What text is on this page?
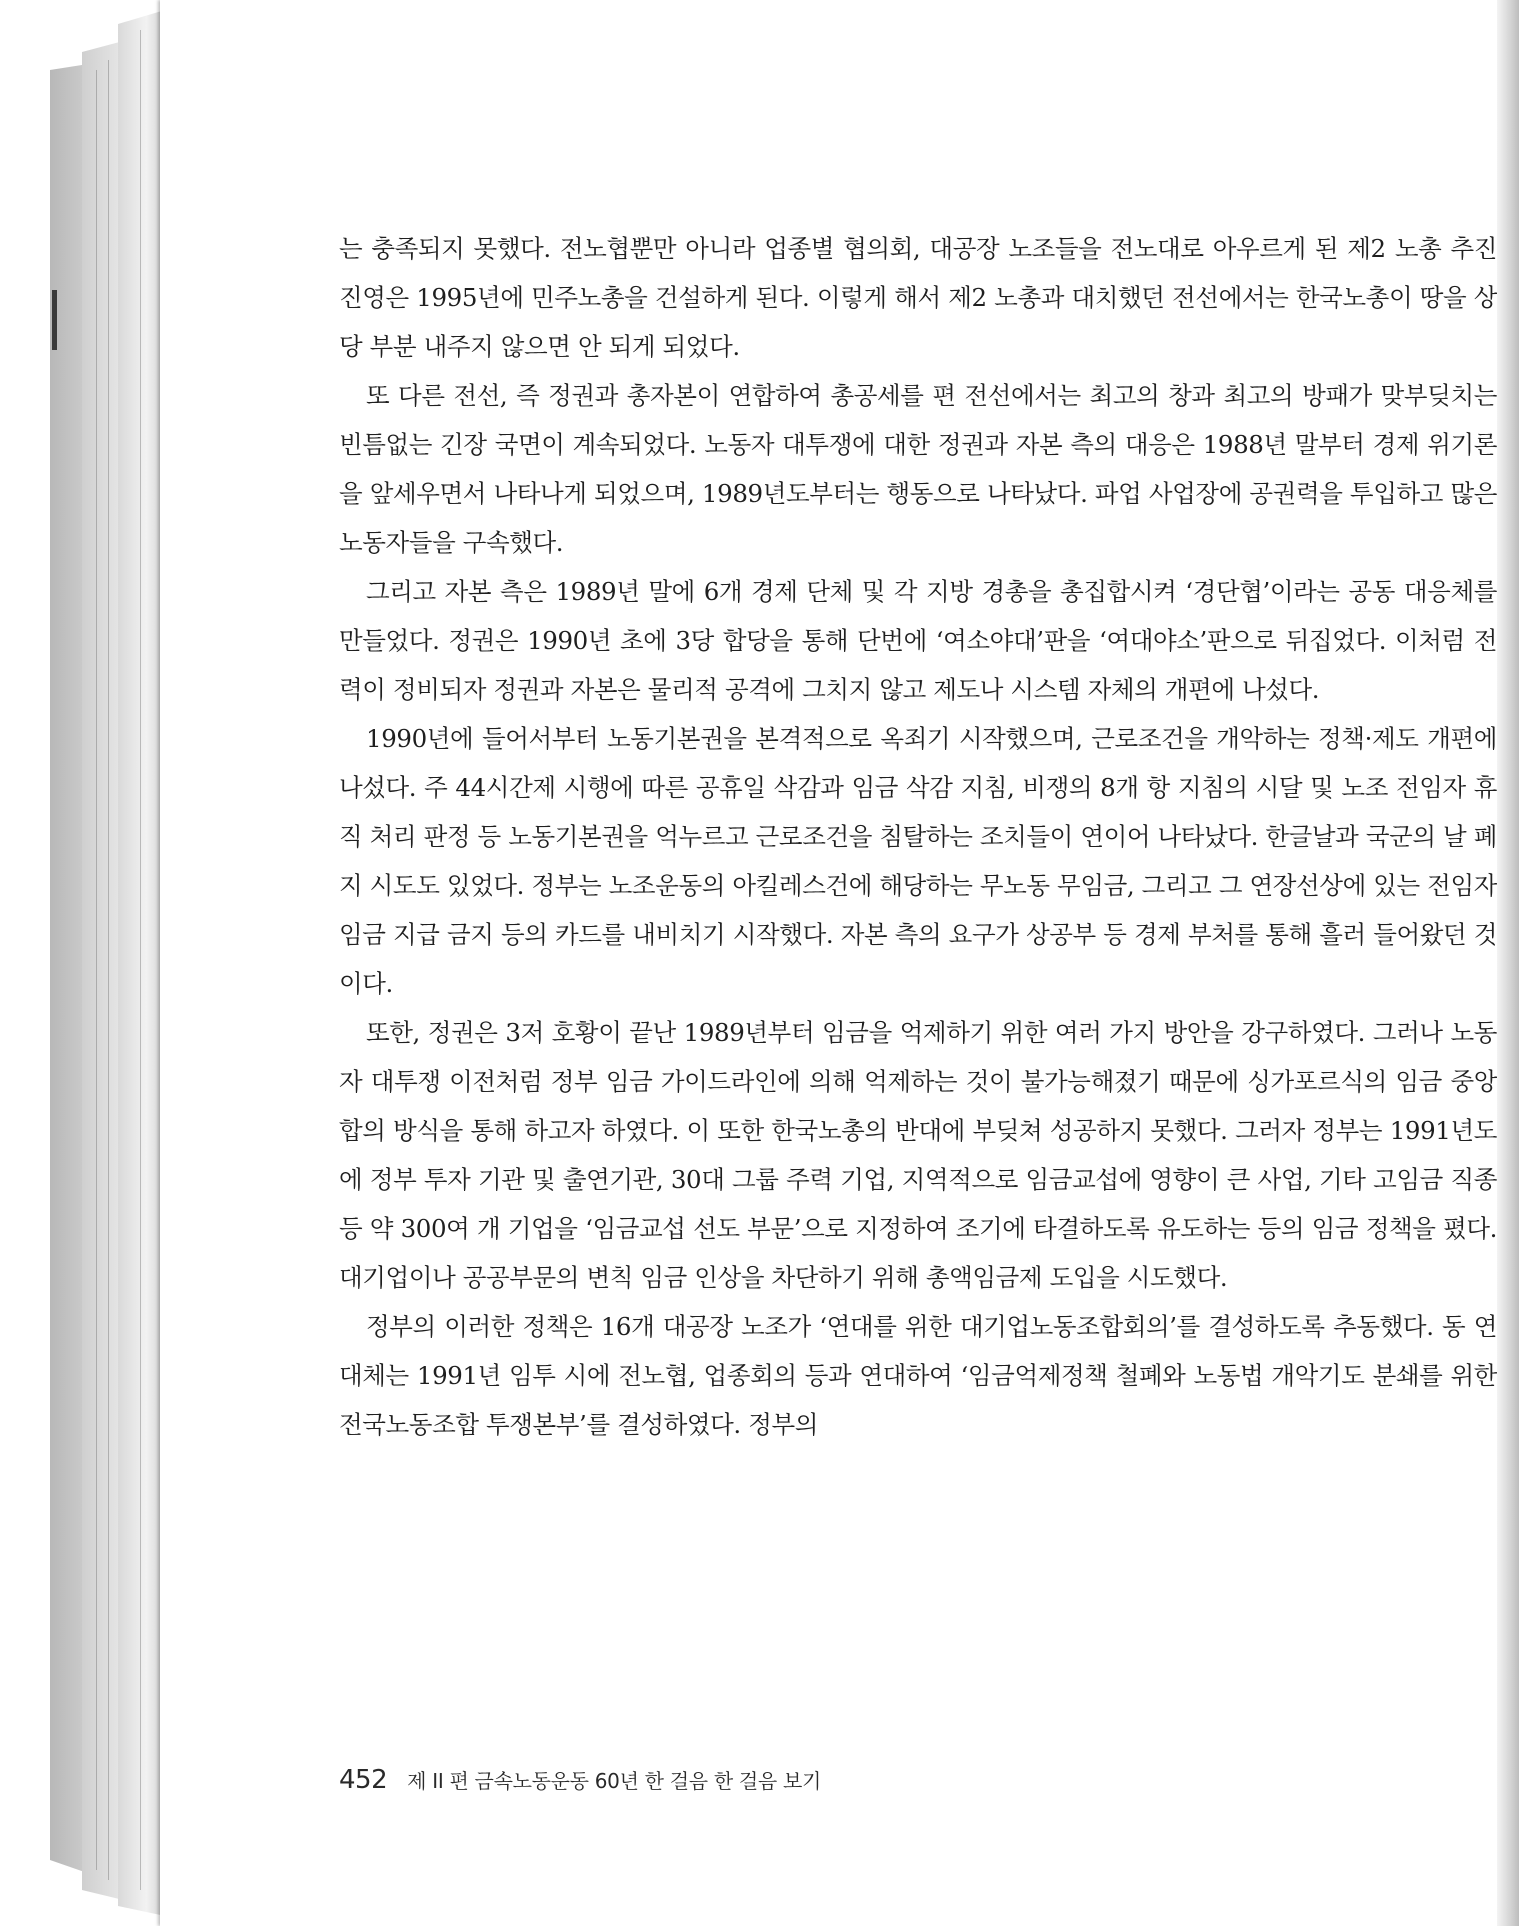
는 충족되지 못했다. 전노협뿐만 아니라 업종별 협의회, 대공장 노조들을 전노대로 아우르게 된 제2 노총 추진 진영은 1995년에 민주노총을 건설하게 된다. 이렇게 해서 제2 노총과 대치했던 전선에서는 한국노총이 땅을 상당 부분 내주지 않으면 안 되게 되었다.

또 다른 전선, 즉 정권과 총자본이 연합하여 총공세를 편 전선에서는 최고의 창과 최고의 방패가 맞부딪치는 빈틈없는 긴장 국면이 계속되었다. 노동자 대투쟁에 대한 정권과 자본 측의 대응은 1988년 말부터 경제 위기론을 앞세우면서 나타나게 되었으며, 1989년도부터는 행동으로 나타났다. 파업 사업장에 공권력을 투입하고 많은 노동자들을 구속했다.

그리고 자본 측은 1989년 말에 6개 경제 단체 및 각 지방 경총을 총집합시켜 ‘경단협’이라는 공동 대응체를 만들었다. 정권은 1990년 초에 3당 합당을 통해 단번에 ‘여소야대’판을 ‘여대야소’판으로 뒤집었다. 이처럼 전력이 정비되자 정권과 자본은 물리적 공격에 그치지 않고 제도나 시스템 자체의 개편에 나섰다.

1990년에 들어서부터 노동기본권을 본격적으로 옥죄기 시작했으며, 근로조건을 개악하는 정책·제도 개편에 나섰다. 주 44시간제 시행에 따른 공휴일 삭감과 임금 삭감 지침, 비쟁의 8개 항 지침의 시달 및 노조 전임자 휴직 처리 판정 등 노동기본권을 억누르고 근로조건을 침탈하는 조치들이 연이어 나타났다. 한글날과 국군의 날 폐지 시도도 있었다. 정부는 노조운동의 아킬레스건에 해당하는 무노동 무임금, 그리고 그 연장선상에 있는 전임자 임금 지급 금지 등의 카드를 내비치기 시작했다. 자본 측의 요구가 상공부 등 경제 부처를 통해 흘러 들어왔던 것이다.

또한, 정권은 3저 호황이 끝난 1989년부터 임금을 억제하기 위한 여러 가지 방안을 강구하였다. 그러나 노동자 대투쟁 이전처럼 정부 임금 가이드라인에 의해 억제하는 것이 불가능해졌기 때문에 싱가포르식의 임금 중앙 합의 방식을 통해 하고자 하였다. 이 또한 한국노총의 반대에 부딪쳐 성공하지 못했다. 그러자 정부는 1991년도에 정부 투자 기관 및 출연기관, 30대 그룹 주력 기업, 지역적으로 임금교섭에 영향이 큰 사업, 기타 고임금 직종 등 약 300여 개 기업을 ‘임금교섭 선도 부문’으로 지정하여 조기에 타결하도록 유도하는 등의 임금 정책을 폈다. 대기업이나 공공부문의 변칙 임금 인상을 차단하기 위해 총액임금제 도입을 시도했다.

정부의 이러한 정책은 16개 대공장 노조가 ‘연대를 위한 대기업노동조합회의’를 결성하도록 추동했다. 동 연대체는 1991년 임투 시에 전노협, 업종회의 등과 연대하여 ‘임금억제정책 철폐와 노동법 개악기도 분쇄를 위한 전국노동조합 투쟁본부’를 결성하였다. 정부의

452 제 II 편 금속노동운동 60년 한 걸음 한 걸음 보기
